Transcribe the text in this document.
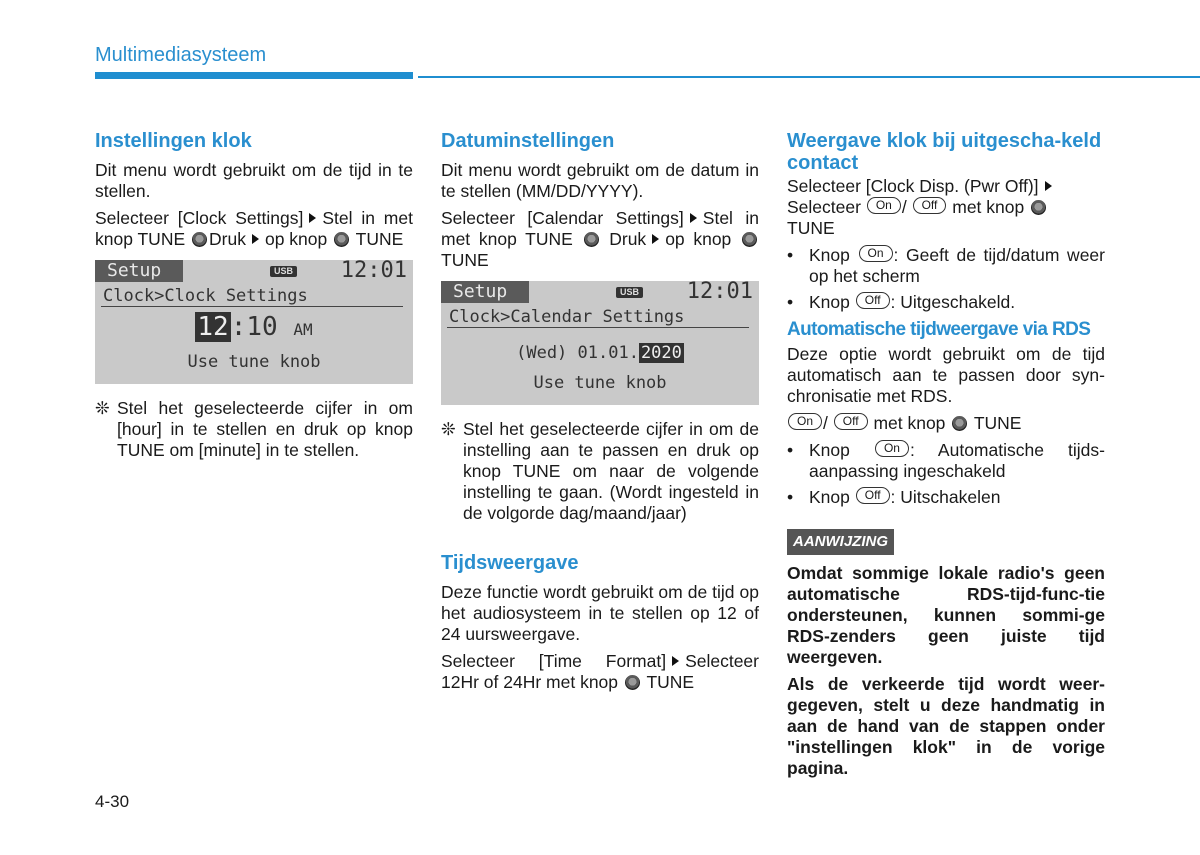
Multimediasysteem
Instellingen klok

Dit menu wordt gebruikt om de tijd in te stellen.

Selecteer [Clock Settings] Stel in met knop TUNE Druk op knop TUNE

Setup	USB 12:01
Clock>Clock Settings
12:10 AM
Use tune knob
❊ Stel het geselecteerde cijfer in om [hour] in te stellen en druk op knop TUNE om [minute] in te stellen.
Datuminstellingen

Dit menu wordt gebruikt om de datum in te stellen (MM/DD/YYYY).

Selecteer [Calendar Settings] Stel in met knop TUNE Druk op knop  TUNE

Setup	USB 12:01
Clock>Calendar Settings
(Wed) 01.01. 2020
Use tune knob
❊ Stel het geselecteerde cijfer in om de instelling aan te passen en druk op knop TUNE om naar de volgende instelling te gaan. (Wordt ingesteld in de volgorde dag/maand/jaar)
Tijdsweergave

Deze functie wordt gebruikt om de tijd op het audiosysteem in te stellen op 12 of 24 uursweergave.

Selecteer [Time Format] Selecteer 12Hr of 24Hr met knop TUNE

Weergave klok bij uitgescha-keld contact

Selecteer [Clock Disp. (Pwr Off)]
Selecteer On / Off met knop
TUNE

• Knop On : Geeft de tijd/datum weer op het scherm
• Knop Off : Uitgeschakeld.
Automatische tijdweergave via RDS

Deze optie wordt gebruikt om de tijd automatisch aan te passen door syn-chronisatie met RDS.

On / Off met knop TUNE

• Knop	On : Automatische tijds-aanpassing ingeschakeld
• Knop Off : Uitschakelen
AANWIJZING

Omdat sommige lokale radio's geen automatische RDS-tijd-func-tie ondersteunen, kunnen sommi-ge RDS-zenders geen juiste tijd weergeven.

Als de verkeerde tijd wordt weer-gegeven, stelt u deze handmatig in aan de hand van de stappen onder "instellingen klok" in de vorige pagina.

4-30
